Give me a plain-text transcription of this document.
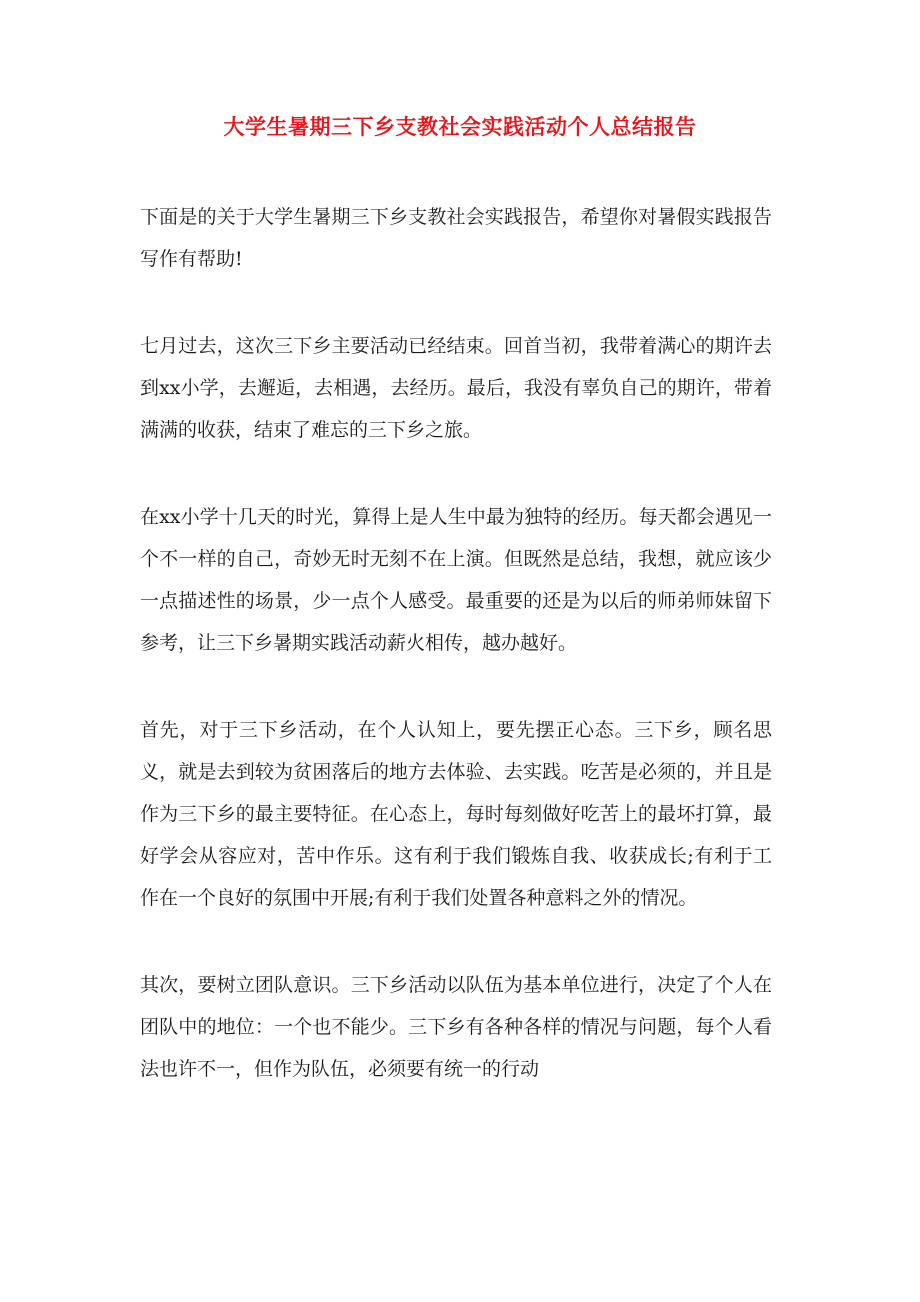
大学生暑期三下乡支教社会实践活动个人总结报告

下面是的关于大学生暑期三下乡支教社会实践报告，希望你对暑假实践报告写作有帮助!

七月过去，这次三下乡主要活动已经结束。回首当初，我带着满心的期许去到xx小学，去邂逅，去相遇，去经历。最后，我没有辜负自己的期许，带着满满的收获，结束了难忘的三下乡之旅。

在xx小学十几天的时光，算得上是人生中最为独特的经历。每天都会遇见一个不一样的自己，奇妙无时无刻不在上演。但既然是总结，我想，就应该少一点描述性的场景，少一点个人感受。最重要的还是为以后的师弟师妹留下参考，让三下乡暑期实践活动薪火相传，越办越好。

首先，对于三下乡活动，在个人认知上，要先摆正心态。三下乡，顾名思义，就是去到较为贫困落后的地方去体验、去实践。吃苦是必须的，并且是作为三下乡的最主要特征。在心态上，每时每刻做好吃苦上的最坏打算，最好学会从容应对，苦中作乐。这有利于我们锻炼自我、收获成长;有利于工作在一个良好的氛围中开展;有利于我们处置各种意料之外的情况。

其次，要树立团队意识。三下乡活动以队伍为基本单位进行，决定了个人在团队中的地位：一个也不能少。三下乡有各种各样的情况与问题，每个人看法也许不一，但作为队伍，必须要有统一的行动
